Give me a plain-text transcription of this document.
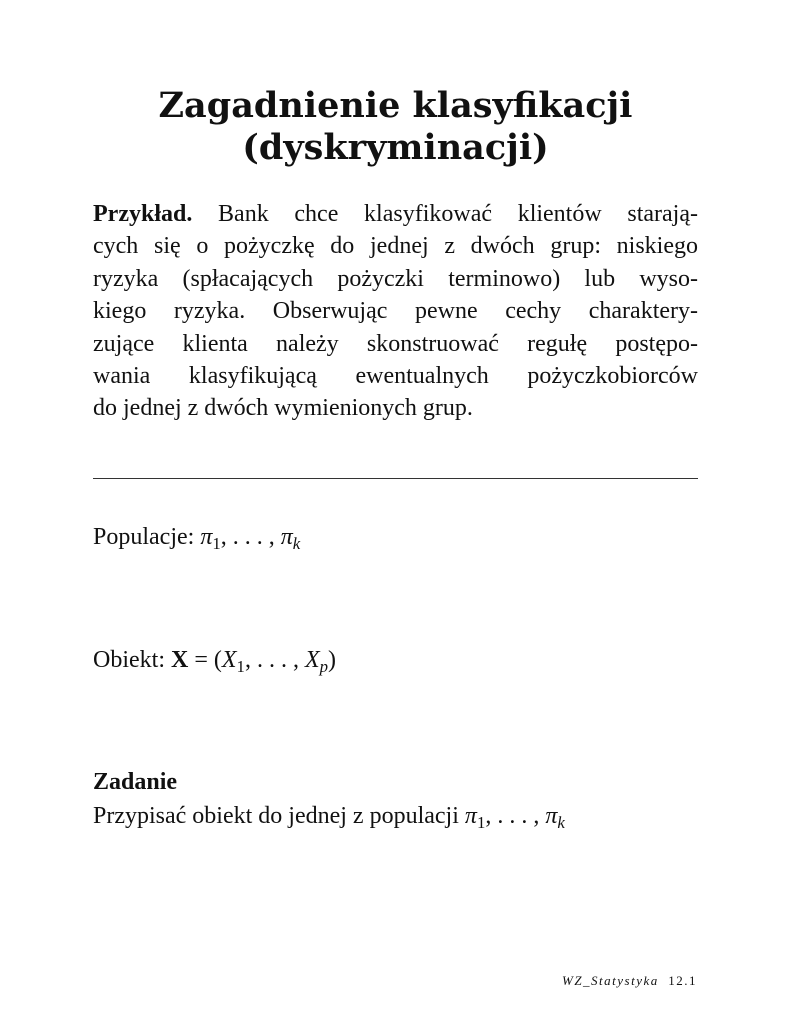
Zagadnienie klasyfikacji
(dyskryminacji)
Przykład. Bank chce klasyfikować klientów starają-
cych się o pożyczkę do jednej z dwóch grup: niskiego
ryzyka (spłacających pożyczki terminowo) lub wyso-
kiego ryzyka. Obserwując pewne cechy charaktery-
zujące klienta należy skonstruować regułę postępo-
wania klasyfikującą ewentualnych pożyczkobiorców
do jednej z dwóch wymienionych grup.

Populacje: $\pi_1$, . . . , $\pi_k$

Obiekt: $X = (X_1$, . . . , $X_p$)

Zadanie

Przypisać obiekt do jednej z populacji $\pi_1$, . . . , $\pi_k$

WZ_Statystyka 12.1
